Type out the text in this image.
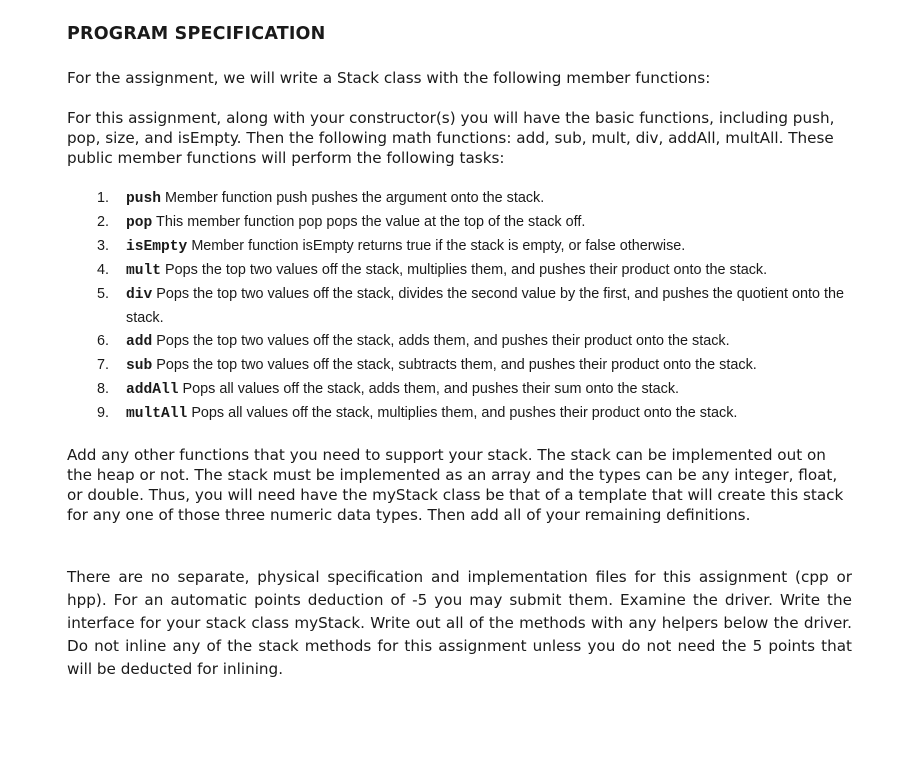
PROGRAM SPECIFICATION

For the assignment, we will write a Stack class with the following member functions:

For this assignment, along with your constructor(s) you will have the basic functions, including push, pop, size, and isEmpty. Then the following math functions: add, sub, mult, div, addAll, multAll. These public member functions will perform the following tasks:

1.	push Member function push pushes the argument onto the stack.
2.	pop This member function pop pops the value at the top of the stack off.
3.	isEmpty Member function isEmpty returns true if the stack is empty, or false otherwise.
4.	mult Pops the top two values off the stack, multiplies them, and pushes their product onto the stack.
5.	div Pops the top two values off the stack, divides the second value by the first, and pushes the quotient onto the stack.
6.	add Pops the top two values off the stack, adds them, and pushes their product onto the stack.
7.	sub Pops the top two values off the stack, subtracts them, and pushes their product onto the stack.
8.	addAll Pops all values off the stack, adds them, and pushes their sum onto the stack.
9.	multAll Pops all values off the stack, multiplies them, and pushes their product onto the stack.

Add any other functions that you need to support your stack. The stack can be implemented out on the heap or not. The stack must be implemented as an array and the types can be any integer, float, or double. Thus, you will need have the myStack class be that of a template that will create this stack for any one of those three numeric data types. Then add all of your remaining definitions.

There are no separate, physical specification and implementation files for this assignment (cpp or hpp). For an automatic points deduction of -5 you may submit them. Examine the driver. Write the interface for your stack class myStack. Write out all of the methods with any helpers below the driver. Do not inline any of the stack methods for this assignment unless you do not need the 5 points that will be deducted for inlining.
